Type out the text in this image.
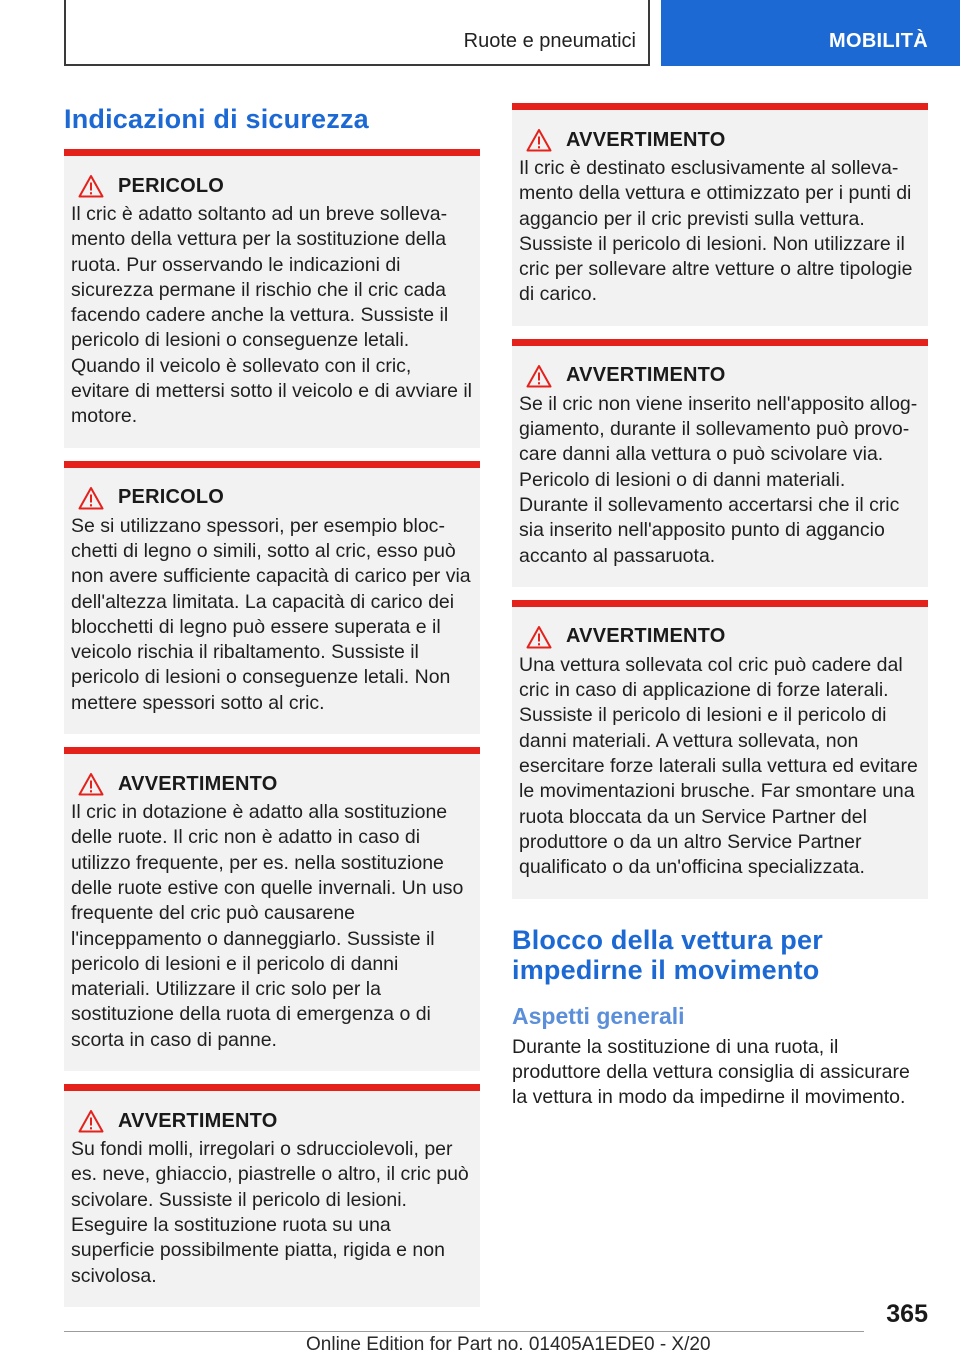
Ruote e pneumatici	MOBILITÀ
Indicazioni di sicurezza
PERICOLO
Il cric è adatto soltanto ad un breve sollevamento della vettura per la sostituzione della ruota. Pur osservando le indicazioni di sicurezza permane il rischio che il cric cada facendo cadere anche la vettura. Sussiste il pericolo di lesioni o conseguenze letali. Quando il veicolo è sollevato con il cric, evitare di mettersi sotto il veicolo e di avviare il motore.
PERICOLO
Se si utilizzano spessori, per esempio blocchetti di legno o simili, sotto al cric, esso può non avere sufficiente capacità di carico per via dell'altezza limitata. La capacità di carico dei blocchetti di legno può essere superata e il veicolo rischia il ribaltamento. Sussiste il pericolo di lesioni o conseguenze letali. Non mettere spessori sotto al cric.
AVVERTIMENTO
Il cric in dotazione è adatto alla sostituzione delle ruote. Il cric non è adatto in caso di utilizzo frequente, per es. nella sostituzione delle ruote estive con quelle invernali. Un uso frequente del cric può causarene l'inceppamento o danneggiarlo. Sussiste il pericolo di lesioni e il pericolo di danni materiali. Utilizzare il cric solo per la sostituzione della ruota di emergenza o di scorta in caso di panne.
AVVERTIMENTO
Su fondi molli, irregolari o sdrucciolevoli, per es. neve, ghiaccio, piastrelle o altro, il cric può scivolare. Sussiste il pericolo di lesioni. Eseguire la sostituzione ruota su una superficie possibilmente piatta, rigida e non scivolosa.
AVVERTIMENTO
Il cric è destinato esclusivamente al sollevamento della vettura e ottimizzato per i punti di aggancio per il cric previsti sulla vettura. Sussiste il pericolo di lesioni. Non utilizzare il cric per sollevare altre vetture o altre tipologie di carico.
AVVERTIMENTO
Se il cric non viene inserito nell'apposito alloggiamento, durante il sollevamento può provocare danni alla vettura o può scivolare via. Pericolo di lesioni o di danni materiali. Durante il sollevamento accertarsi che il cric sia inserito nell'apposito punto di aggancio accanto al passaruota.
AVVERTIMENTO
Una vettura sollevata col cric può cadere dal cric in caso di applicazione di forze laterali. Sussiste il pericolo di lesioni e il pericolo di danni materiali. A vettura sollevata, non esercitare forze laterali sulla vettura ed evitare le movimentazioni brusche. Far smontare una ruota bloccata da un Service Partner del produttore o da un altro Service Partner qualificato o da un'officina specializzata.
Blocco della vettura per impedirne il movimento
Aspetti generali

Durante la sostituzione di una ruota, il produttore della vettura consiglia di assicurare la vettura in modo da impedirne il movimento.

365
Online Edition for Part no. 01405A1EDE0 - X/20
